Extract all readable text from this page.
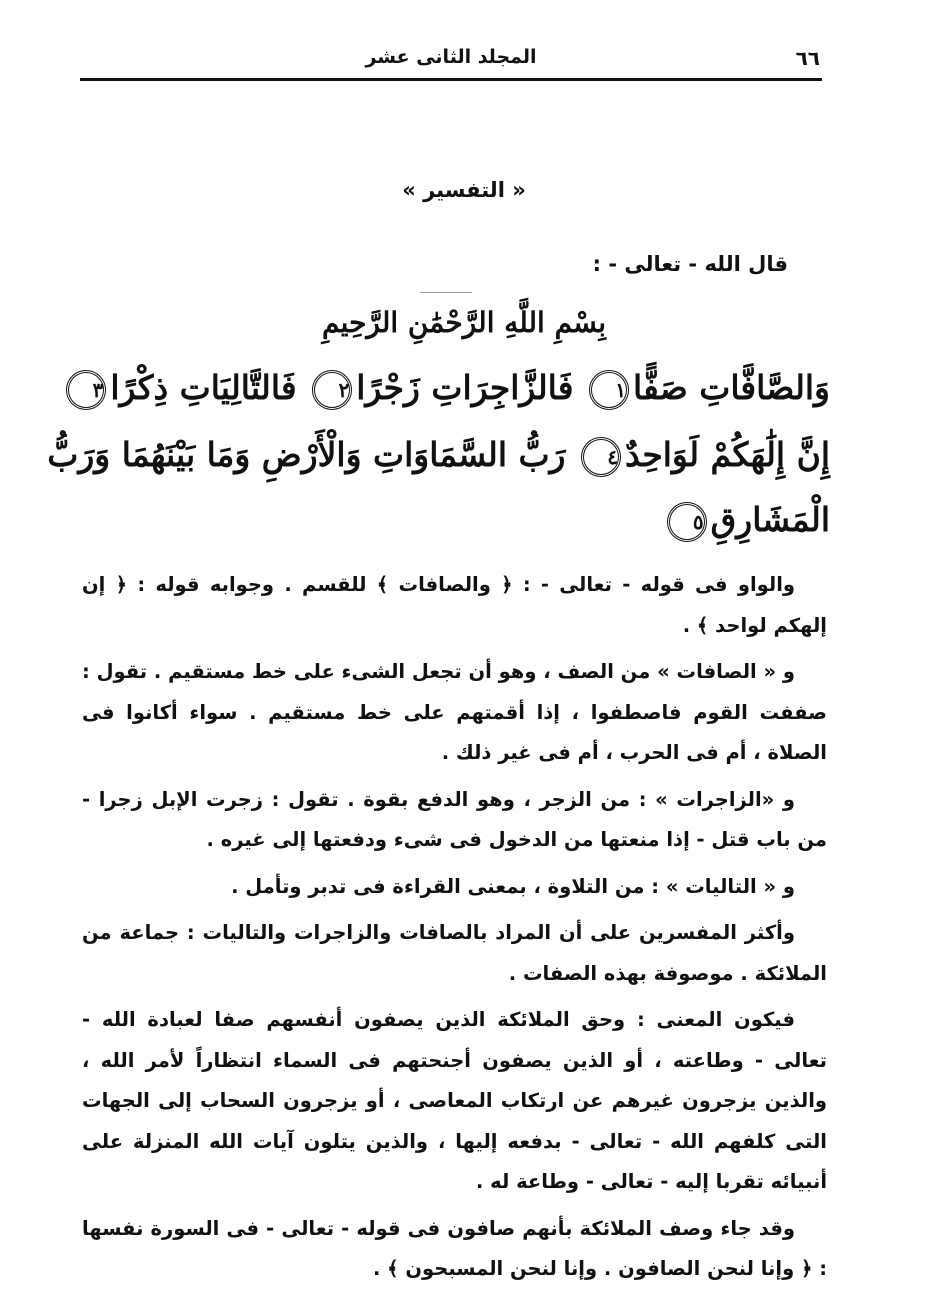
٦٦
المجلد الثانى عشر
« التفسير »
قال الله - تعالى - :
بِسْمِ اللَّهِ الرَّحْمَٰنِ الرَّحِيمِ
وَالصَّافَّاتِ صَفًّا١ فَالزَّاجِرَاتِ زَجْرًا٢ فَالتَّالِيَاتِ ذِكْرًا٣
إِنَّ إِلَٰهَكُمْ لَوَاحِدٌ٤ رَبُّ السَّمَاوَاتِ وَالْأَرْضِ وَمَا بَيْنَهُمَا وَرَبُّ
الْمَشَارِقِ٥

والواو فى قوله - تعالى - : ﴿ والصافات ﴾ للقسم . وجوابه قوله : ﴿ إن إلهكم لواحد ﴾ .

و « الصافات » من الصف ، وهو أن تجعل الشىء على خط مستقيم . تقول : صففت القوم فاصطفوا ، إذا أقمتهم على خط مستقيم . سواء أكانوا فى الصلاة ، أم فى الحرب ، أم فى غير ذلك .

و «الزاجرات » : من الزجر ، وهو الدفع بقوة . تقول : زجرت الإبل زجرا - من باب قتل - إذا منعتها من الدخول فى شىء ودفعتها إلى غيره .

و « التاليات » : من التلاوة ، بمعنى القراءة فى تدبر وتأمل .

وأكثر المفسرين على أن المراد بالصافات والزاجرات والتاليات : جماعة من الملائكة . موصوفة بهذه الصفات .

فيكون المعنى : وحق الملائكة الذين يصفون أنفسهم صفا لعبادة الله - تعالى - وطاعته ، أو الذين يصفون أجنحتهم فى السماء انتظاراً لأمر الله ، والذين يزجرون غيرهم عن ارتكاب المعاصى ، أو يزجرون السحاب إلى الجهات التى كلفهم الله - تعالى - بدفعه إليها ، والذين يتلون آيات الله المنزلة على أنبيائه تقربا إليه - تعالى - وطاعة له .

وقد جاء وصف الملائكة بأنهم صافون فى قوله - تعالى - فى السورة نفسها : ﴿ وإنا لنحن الصافون . وإنا لنحن المسبحون ﴾ .
